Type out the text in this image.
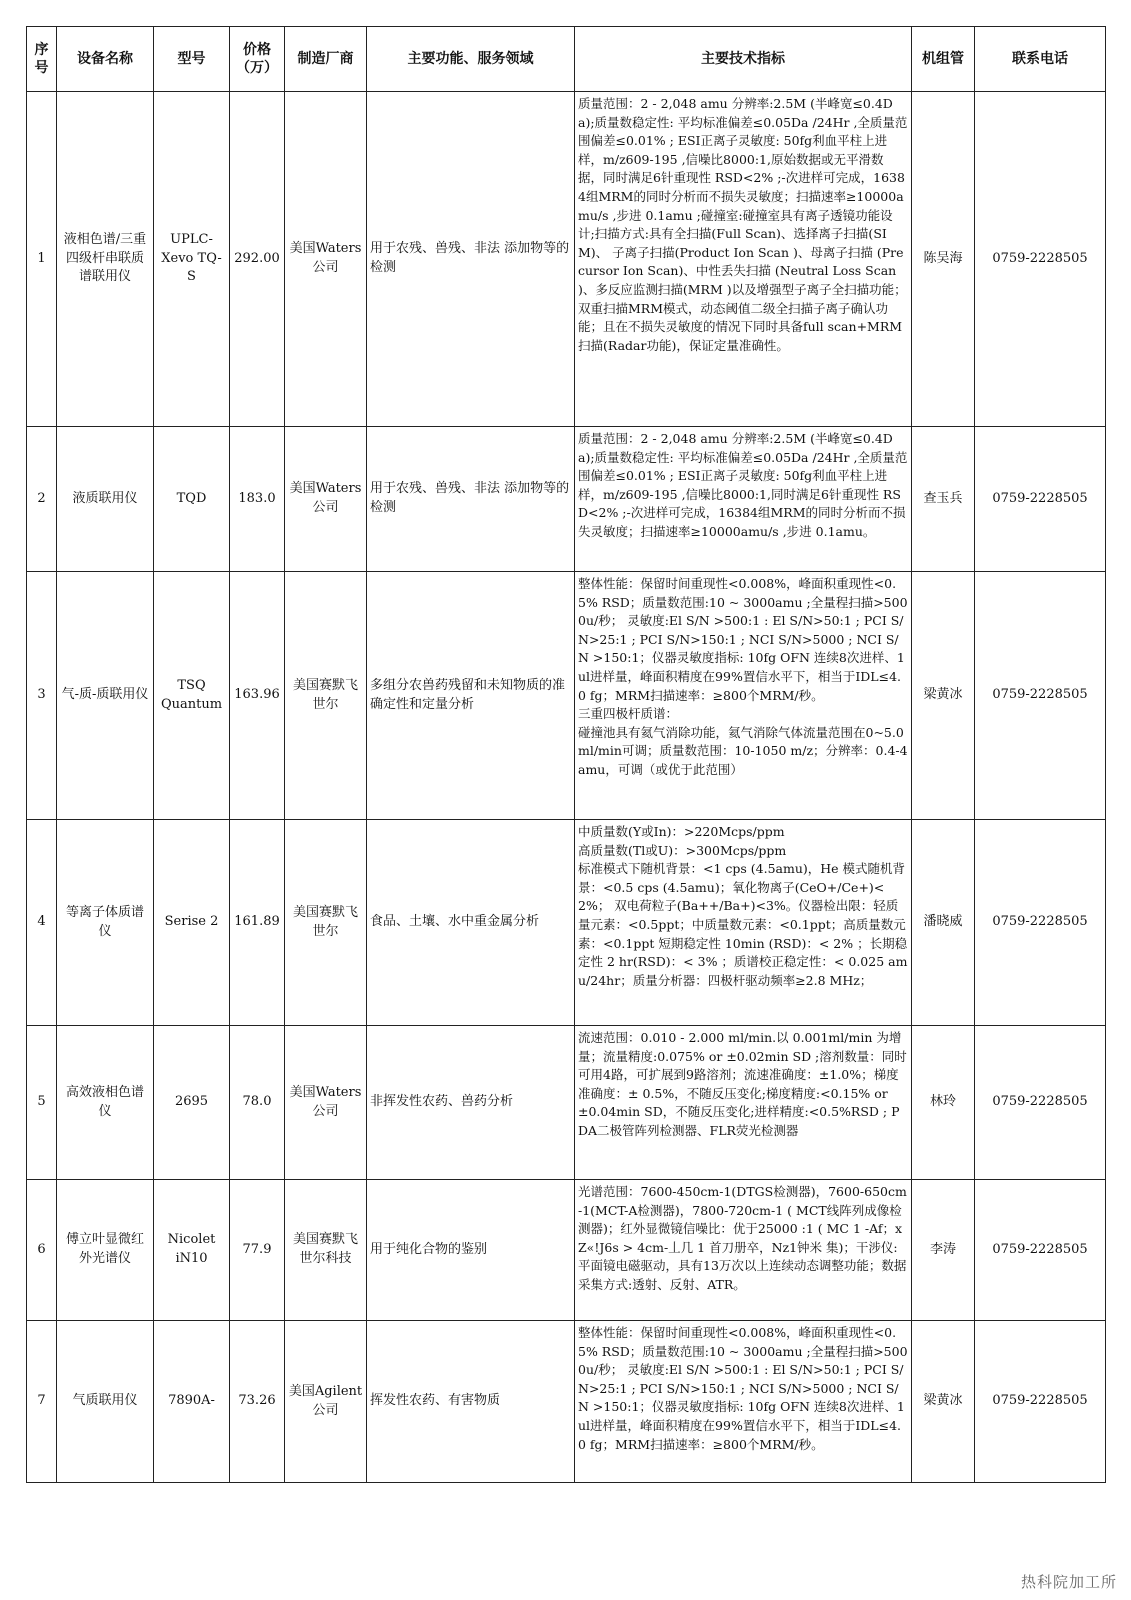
序号	设备名称	型号	价格（万）	制造厂商	主要功能、服务领域	主要技术指标	机组管	联系电话
1	液相色谱/三重四级杆串联质谱联用仪	UPLC-Xevo TQ-S	292.00	美国Waters公司	用于农残、兽残、非法 添加物等的检测	质量范围：2 - 2,048 amu 分辨率:2.5M (半峰宽≤0.4Da);质量数稳定性: 平均标准偏差≤0.05Da /24Hr ,全质量范围偏差≤0.01% ; ESI正离子灵敏度: 50fg利血平柱上进样，m/z609-195 ,信噪比8000:1,原始数据或无平滑数据，同时满足6针重现性 RSD<2% ;-次进样可完成，16384组MRM的同时分析而不损失灵敏度；扫描速率≥10000amu/s ,步进 0.1amu ;碰撞室:碰撞室具有离子透镜功能设计;扫描方式:具有全扫描(Full Scan)、选择离子扫描(SIM)、 子离子扫描(Product Ion Scan )、母离子扫描 (Precursor Ion Scan)、中性丢失扫描 (Neutral Loss Scan )、多反应监测扫描(MRM )以及增强型子离子全扫描功能；双重扫描MRM模式，动态阈值二级全扫描子离子确认功能；且在不损失灵敏度的情况下同时具备full scan+MRM扫描(Radar功能)，保证定量准确性。	陈吴海	0759-2228505
2	液质联用仪	TQD	183.0	美国Waters公司	用于农残、兽残、非法 添加物等的检测	质量范围：2 - 2,048 amu 分辨率:2.5M (半峰宽≤0.4Da);质量数稳定性: 平均标准偏差≤0.05Da /24Hr ,全质量范围偏差≤0.01% ; ESI正离子灵敏度: 50fg利血平柱上进样，m/z609-195 ,信噪比8000:1,同时满足6针重现性 RSD<2% ;-次进样可完成，16384组MRM的同时分析而不损失灵敏度；扫描速率≥10000amu/s ,步进 0.1amu。	查玉兵	0759-2228505
3	气-质-质联用仪	TSQ Quantum	163.96	美国赛默飞世尔	多组分农兽药残留和未知物质的准确定性和定量分析	整体性能：保留时间重现性<0.008%，峰面积重现性<0.5% RSD；质量数范围:10 ~ 3000amu ;全量程扫描>5000u/秒； 灵敏度:El S/N >500:1 : El S/N>50:1 ; PCI S/N>25:1 ; PCI S/N>150:1 ; NCI S/N>5000 ; NCI S/N >150:1；仪器灵敏度指标: 10fg OFN 连续8次进样、1ul进样量，峰面积精度在99%置信水平下，相当于IDL≤4.0 fg；MRM扫描速率：≥800个MRM/秒。
三重四极杆质谱：
碰撞池具有氦气消除功能，氦气消除气体流量范围在0~5.0 ml/min可调；质量数范围：10-1050 m/z；分辨率：0.4-4amu，可调（或优于此范围）	梁黄冰	0759-2228505
4	等离子体质谱仪	Serise 2	161.89	美国赛默飞世尔	食品、土壤、水中重金属分析	中质量数(Y或In)：>220Mcps/ppm
高质量数(Tl或U)：>300Mcps/ppm
标准模式下随机背景：<1 cps (4.5amu)，He 模式随机背景：<0.5 cps (4.5amu)；氧化物离子(CeO+/Ce+)<2%； 双电荷粒子(Ba++/Ba+)<3%。仪器检出限：轻质量元素：<0.5ppt；中质量数元素：<0.1ppt；高质量数元素：<0.1ppt 短期稳定性 10min (RSD)：< 2% ；长期稳定性 2 hr(RSD)：< 3% ；质谱校正稳定性：< 0.025 amu/24hr；质量分析器：四极杆驱动频率≥2.8 MHz；	潘晓威	0759-2228505
5	高效液相色谱仪	2695	78.0	美国Waters公司	非挥发性农药、兽药分析	流速范围：0.010 - 2.000 ml/min.以 0.001ml/min 为增量；流量精度:0.075% or ±0.02min SD ;溶剂数量：同时可用4路，可扩展到9路溶剂；流速准确度：±1.0%；梯度准确度：± 0.5%，不随反压变化;梯度精度:<0.15% or ±0.04min SD，不随反压变化;进样精度:<0.5%RSD ; PDA二极管阵列检测器、FLR荧光检测器	林玲	0759-2228505
6	傅立叶显微红外光谱仪	Nicolet iN10	77.9	美国赛默飞世尔科技	用于纯化合物的鉴别	光谱范围：7600-450cm-1(DTGS检测器)，7600-650cm-1(MCT-A检测器)，7800-720cm-1 ( MCT线阵列成像检测器)；红外显微镜信噪比：优于25000 :1 ( MC 1 -Af；xZ«!J6s > 4cm-丄几 1 首刀册卒，Nz1钟米 集)；干涉仪:平面镜电磁驱动，具有13万次以上连续动态调整功能；数据采集方式:透射、反射、ATR。	李涛	0759-2228505
7	气质联用仪	7890A-	73.26	美国Agilent公司	挥发性农药、有害物质	整体性能：保留时间重现性<0.008%，峰面积重现性<0.5% RSD；质量数范围:10 ~ 3000amu ;全量程扫描>5000u/秒； 灵敏度:El S/N >500:1 : El S/N>50:1 ; PCI S/N>25:1 ; PCI S/N>150:1 ; NCI S/N>5000 ; NCI S/N >150:1；仪器灵敏度指标: 10fg OFN 连续8次进样、1ul进样量，峰面积精度在99%置信水平下，相当于IDL≤4.0 fg；MRM扫描速率：≥800个MRM/秒。	梁黄冰	0759-2228505
热科院加工所
